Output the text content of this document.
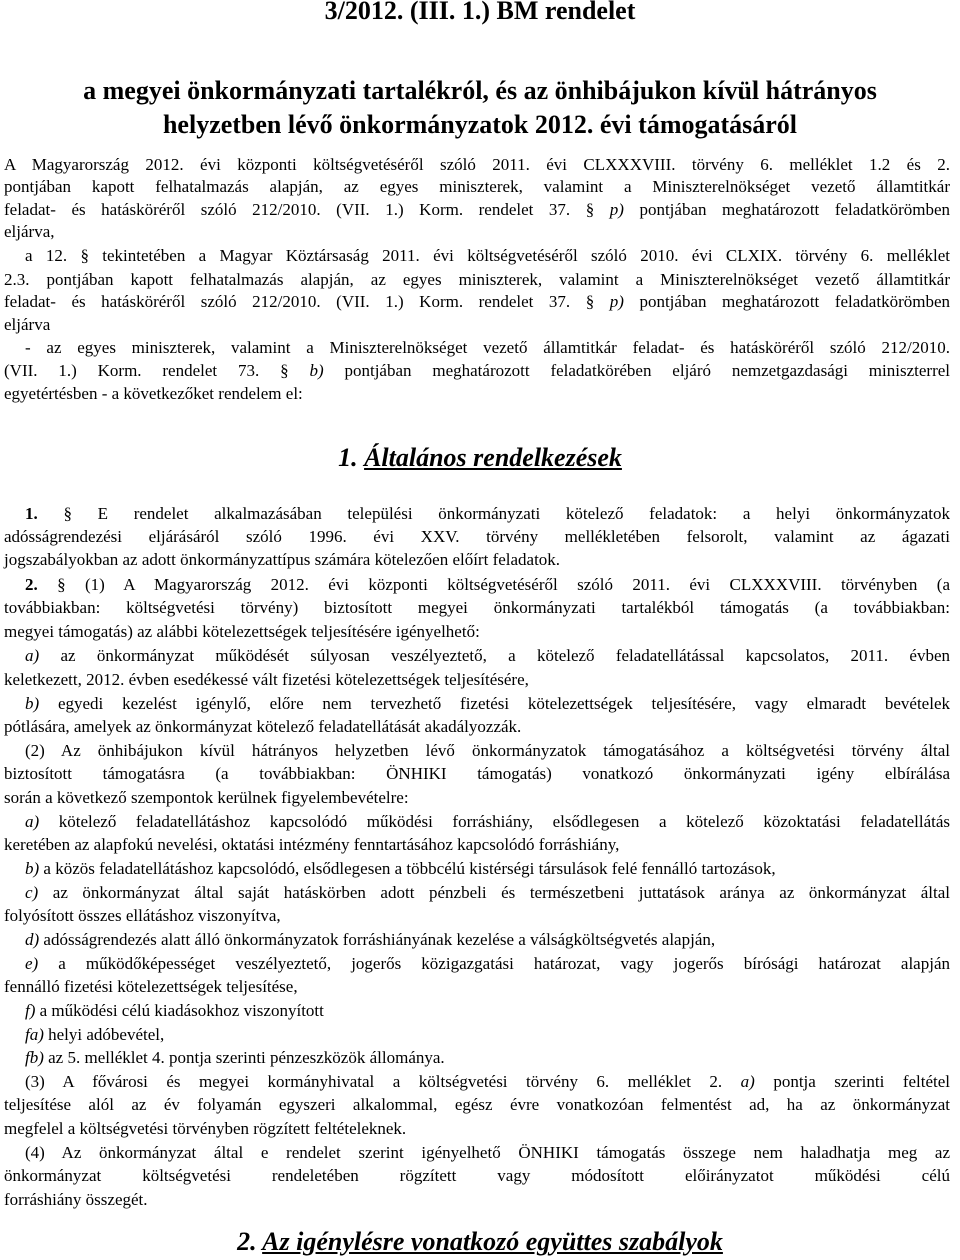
3/2012. (III. 1.) BM rendelet
a megyei önkormányzati tartalékról, és az önhibájukon kívül hátrányos
helyzetben lévő önkormányzatok 2012. évi támogatásáról
A Magyarország 2012. évi központi költségvetéséről szóló 2011. évi CLXXXVIII. törvény 6. melléklet 1.2 és 2.
pontjában kapott felhatalmazás alapján, az egyes miniszterek, valamint a Miniszterelnökséget vezető államtitkár
feladat- és hatásköréről szóló 212/2010. (VII. 1.) Korm. rendelet 37. § p) pontjában meghatározott feladatkörömben
eljárva,
a 12. § tekintetében a Magyar Köztársaság 2011. évi költségvetéséről szóló 2010. évi CLXIX. törvény 6. melléklet
2.3. pontjában kapott felhatalmazás alapján, az egyes miniszterek, valamint a Miniszterelnökséget vezető államtitkár
feladat- és hatásköréről szóló 212/2010. (VII. 1.) Korm. rendelet 37. § p) pontjában meghatározott feladatkörömben
eljárva
- az egyes miniszterek, valamint a Miniszterelnökséget vezető államtitkár feladat- és hatásköréről szóló 212/2010.
(VII. 1.) Korm. rendelet 73. § b) pontjában meghatározott feladatkörében eljáró nemzetgazdasági miniszterrel
egyetértésben - a következőket rendelem el:
1. Általános rendelkezések
1. § E rendelet alkalmazásában települési önkormányzati kötelező feladatok: a helyi önkormányzatok
adósságrendezési eljárásáról szóló 1996. évi XXV. törvény mellékletében felsorolt, valamint az ágazati
jogszabályokban az adott önkormányzattípus számára kötelezően előírt feladatok.
2. § (1) A Magyarország 2012. évi központi költségvetéséről szóló 2011. évi CLXXXVIII. törvényben (a
továbbiakban: költségvetési törvény) biztosított megyei önkormányzati tartalékból támogatás (a továbbiakban:
megyei támogatás) az alábbi kötelezettségek teljesítésére igényelhető:
a) az önkormányzat működését súlyosan veszélyeztető, a kötelező feladatellátással kapcsolatos, 2011. évben
keletkezett, 2012. évben esedékessé vált fizetési kötelezettségek teljesítésére,
b) egyedi kezelést igénylő, előre nem tervezhető fizetési kötelezettségek teljesítésére, vagy elmaradt bevételek
pótlására, amelyek az önkormányzat kötelező feladatellátását akadályozzák.
(2) Az önhibájukon kívül hátrányos helyzetben lévő önkormányzatok támogatásához a költségvetési törvény által
biztosított támogatásra (a továbbiakban: ÖNHIKI támogatás) vonatkozó önkormányzati igény elbírálása
során a következő szempontok kerülnek figyelembevételre:
a) kötelező feladatellátáshoz kapcsolódó működési forráshiány, elsődlegesen a kötelező közoktatási feladatellátás
keretében az alapfokú nevelési, oktatási intézmény fenntartásához kapcsolódó forráshiány,
b) a közös feladatellátáshoz kapcsolódó, elsődlegesen a többcélú kistérségi társulások felé fennálló tartozások,
c) az önkormányzat által saját hatáskörben adott pénzbeli és természetbeni juttatások aránya az önkormányzat által
folyósított összes ellátáshoz viszonyítva,
d) adósságrendezés alatt álló önkormányzatok forráshiányának kezelése a válságköltségvetés alapján,
e) a működőképességet veszélyeztető, jogerős közigazgatási határozat, vagy jogerős bírósági határozat alapján
fennálló fizetési kötelezettségek teljesítése,
f) a működési célú kiadásokhoz viszonyított
fa) helyi adóbevétel,
fb) az 5. melléklet 4. pontja szerinti pénzeszközök állománya.
(3) A fővárosi és megyei kormányhivatal a költségvetési törvény 6. melléklet 2. a) pontja szerinti feltétel
teljesítése alól az év folyamán egyszeri alkalommal, egész évre vonatkozóan felmentést ad, ha az önkormányzat
megfelel a költségvetési törvényben rögzített feltételeknek.
(4) Az önkormányzat által e rendelet szerint igényelhető ÖNHIKI támogatás összege nem haladhatja meg az
önkormányzat költségvetési rendeletében rögzített vagy módosított előirányzatot működési célú
forráshiány összegét.
2. Az igénylésre vonatkozó együttes szabályok
